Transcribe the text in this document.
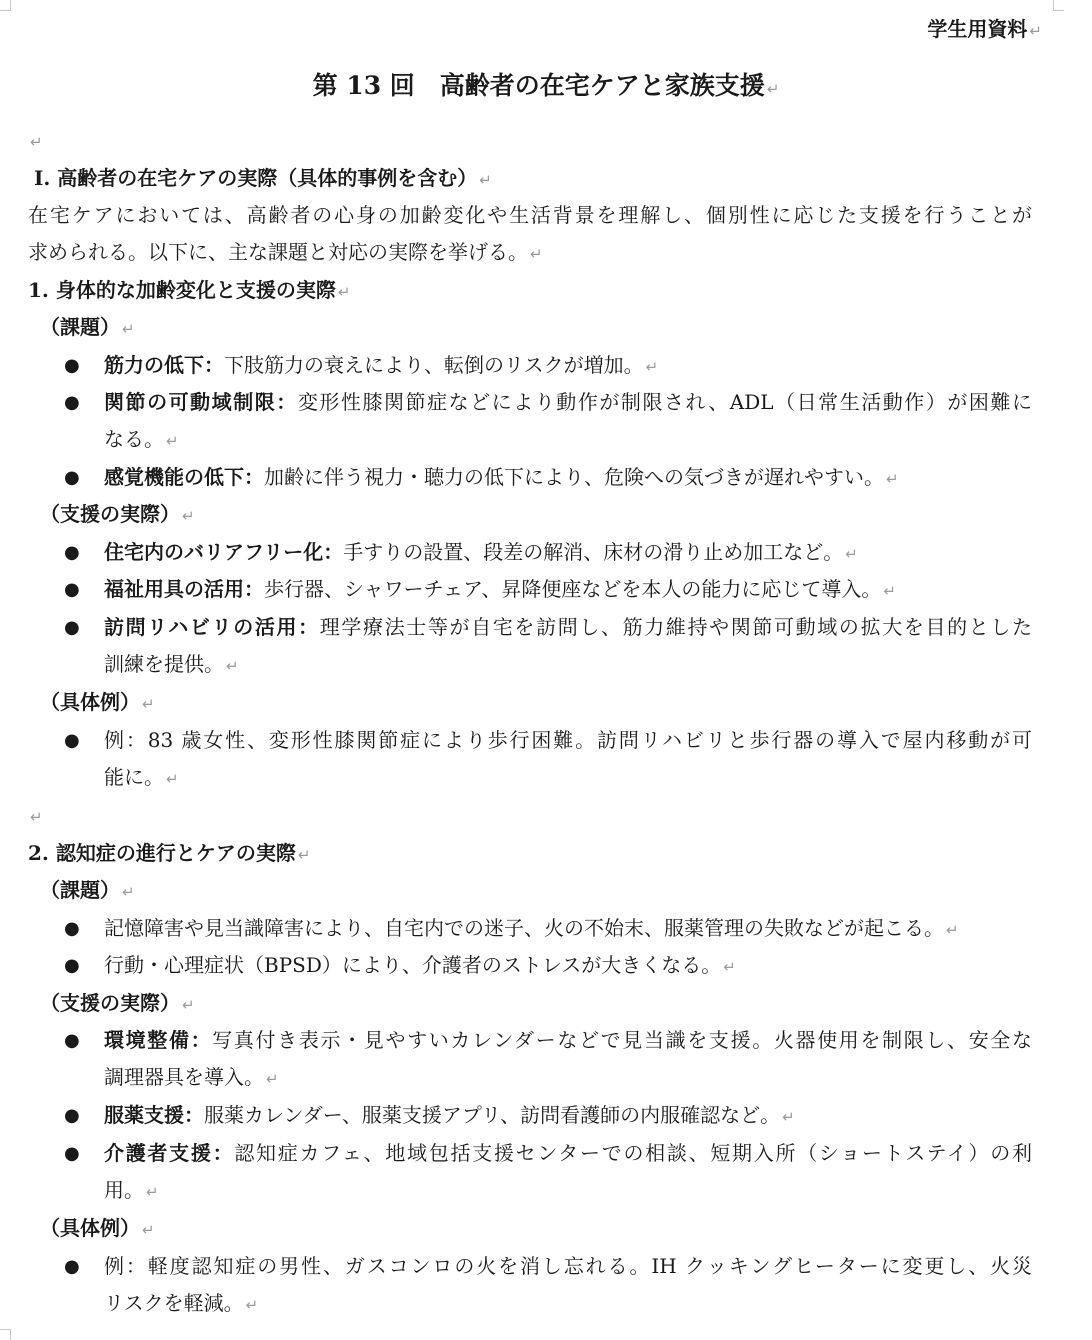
学生用資料 ↵
第 13 回　高齢者の在宅ケアと家族支援 ↵
↵
Ⅰ. 高齢者の在宅ケアの実際（具体的事例を含む） ↵
在宅ケアにおいては、高齢者の心身の加齢変化や生活背景を理解し、個別性に応じた支援を行うことが
求められる。以下に、主な課題と対応の実際を挙げる。 ↵
1. 身体的な加齢変化と支援の実際 ↵
（課題） ↵
● 筋力の低下：下肢筋力の衰えにより、転倒のリスクが増加。 ↵
● 関節の可動域制限：変形性膝関節症などにより動作が制限され、ADL（日常生活動作）が困難に
なる。 ↵
● 感覚機能の低下：加齢に伴う視力・聴力の低下により、危険への気づきが遅れやすい。 ↵
（支援の実際） ↵
● 住宅内のバリアフリー化：手すりの設置、段差の解消、床材の滑り止め加工など。 ↵
● 福祉用具の活用：歩行器、シャワーチェア、昇降便座などを本人の能力に応じて導入。 ↵
● 訪問リハビリの活用：理学療法士等が自宅を訪問し、筋力維持や関節可動域の拡大を目的とした
訓練を提供。 ↵
（具体例） ↵
● 例：83 歳女性、変形性膝関節症により歩行困難。訪問リハビリと歩行器の導入で屋内移動が可
能に。 ↵
↵
2. 認知症の進行とケアの実際 ↵
（課題） ↵
● 記憶障害や見当識障害により、自宅内での迷子、火の不始末、服薬管理の失敗などが起こる。 ↵
● 行動・心理症状（BPSD）により、介護者のストレスが大きくなる。 ↵
（支援の実際） ↵
● 環境整備：写真付き表示・見やすいカレンダーなどで見当識を支援。火器使用を制限し、安全な
調理器具を導入。 ↵
● 服薬支援：服薬カレンダー、服薬支援アプリ、訪問看護師の内服確認など。 ↵
● 介護者支援：認知症カフェ、地域包括支援センターでの相談、短期入所（ショートステイ）の利
用。 ↵
（具体例） ↵
● 例：軽度認知症の男性、ガスコンロの火を消し忘れる。IH クッキングヒーターに変更し、火災
リスクを軽減。 ↵
